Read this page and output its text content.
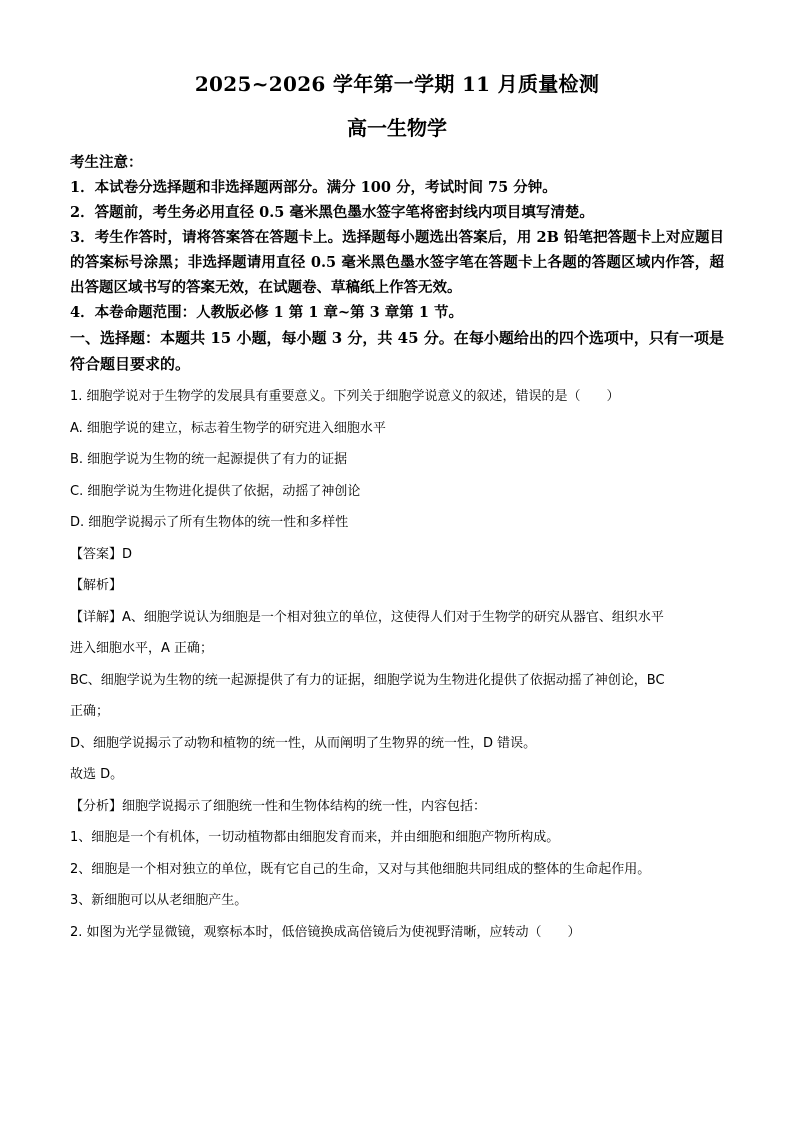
2025~2026 学年第一学期 11 月质量检测
高一生物学

考生注意：

1．本试卷分选择题和非选择题两部分。满分 100 分，考试时间 75 分钟。

2．答题前，考生务必用直径 0.5 毫米黑色墨水签字笔将密封线内项目填写清楚。

3．考生作答时，请将答案答在答题卡上。选择题每小题选出答案后，用 2B 铅笔把答题卡上对应题目的答案标号涂黑；非选择题请用直径 0.5 毫米黑色墨水签字笔在答题卡上各题的答题区域内作答，超出答题区域书写的答案无效，在试题卷、草稿纸上作答无效。

4．本卷命题范围：人教版必修 1 第 1 章~第 3 章第 1 节。

一、选择题：本题共 15 小题，每小题 3 分，共 45 分。在每小题给出的四个选项中，只有一项是符合题目要求的。

1. 细胞学说对于生物学的发展具有重要意义。下列关于细胞学说意义的叙述，错误的是（　　）

A. 细胞学说的建立，标志着生物学的研究进入细胞水平

B. 细胞学说为生物的统一起源提供了有力的证据

C. 细胞学说为生物进化提供了依据，动摇了神创论

D. 细胞学说揭示了所有生物体的统一性和多样性

【答案】D

【解析】

【详解】A、细胞学说认为细胞是一个相对独立的单位，这使得人们对于生物学的研究从器官、组织水平

进入细胞水平，A 正确；

BC、细胞学说为生物的统一起源提供了有力的证据，细胞学说为生物进化提供了依据动摇了神创论，BC

正确；

D、细胞学说揭示了动物和植物的统一性，从而阐明了生物界的统一性，D 错误。

故选 D。

【分析】细胞学说揭示了细胞统一性和生物体结构的统一性，内容包括：

1、细胞是一个有机体，一切动植物都由细胞发育而来，并由细胞和细胞产物所构成。

2、细胞是一个相对独立的单位，既有它自己的生命，又对与其他细胞共同组成的整体的生命起作用。

3、新细胞可以从老细胞产生。

2. 如图为光学显微镜，观察标本时，低倍镜换成高倍镜后为使视野清晰，应转动（　　）
